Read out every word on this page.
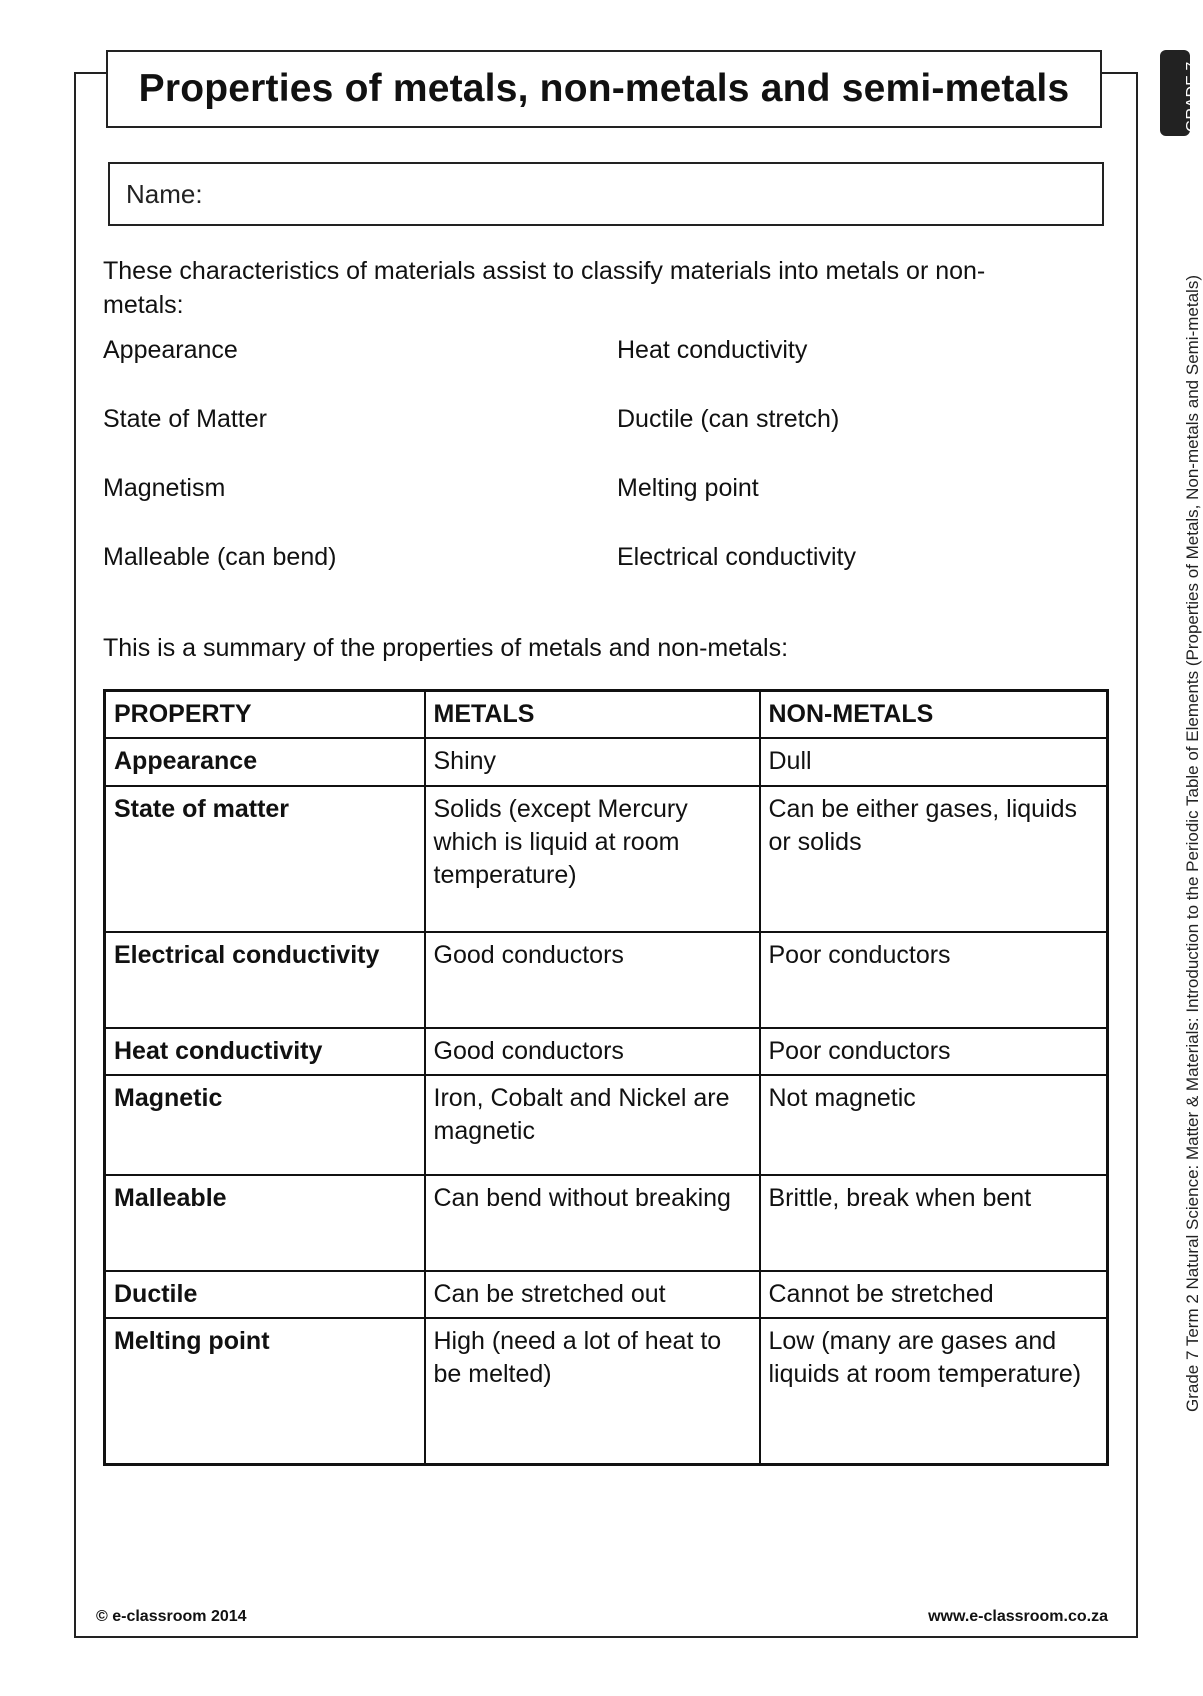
Properties of metals, non-metals and semi-metals
Name:
These characteristics of materials assist to classify materials into metals or non-metals:
Appearance	Heat conductivity
State of Matter	Ductile (can stretch)
Magnetism	Melting point
Malleable (can bend)	Electrical conductivity
This is a summary of the properties of metals and non-metals:
PROPERTY	METALS	NON-METALS
Appearance	Shiny	Dull
State of matter	Solids (except Mercury which is liquid at room temperature)	Can be either gases, liquids or solids
Electrical conductivity	Good conductors	Poor conductors
Heat conductivity	Good conductors	Poor conductors
Magnetic	Iron, Cobalt and Nickel are magnetic	Not magnetic
Malleable	Can bend without breaking	Brittle, break when bent
Ductile	Can be stretched out	Cannot be stretched
Melting point	High (need a lot of heat to be melted)	Low (many are gases and liquids at room temperature)
© e-classroom 2014	www.e-classroom.co.za
Grade 7 Term 2 Natural Science: Matter & Materials: Introduction to the Periodic Table of Elements (Properties of Metals, Non-metals and Semi-metals)
GRADE 7
